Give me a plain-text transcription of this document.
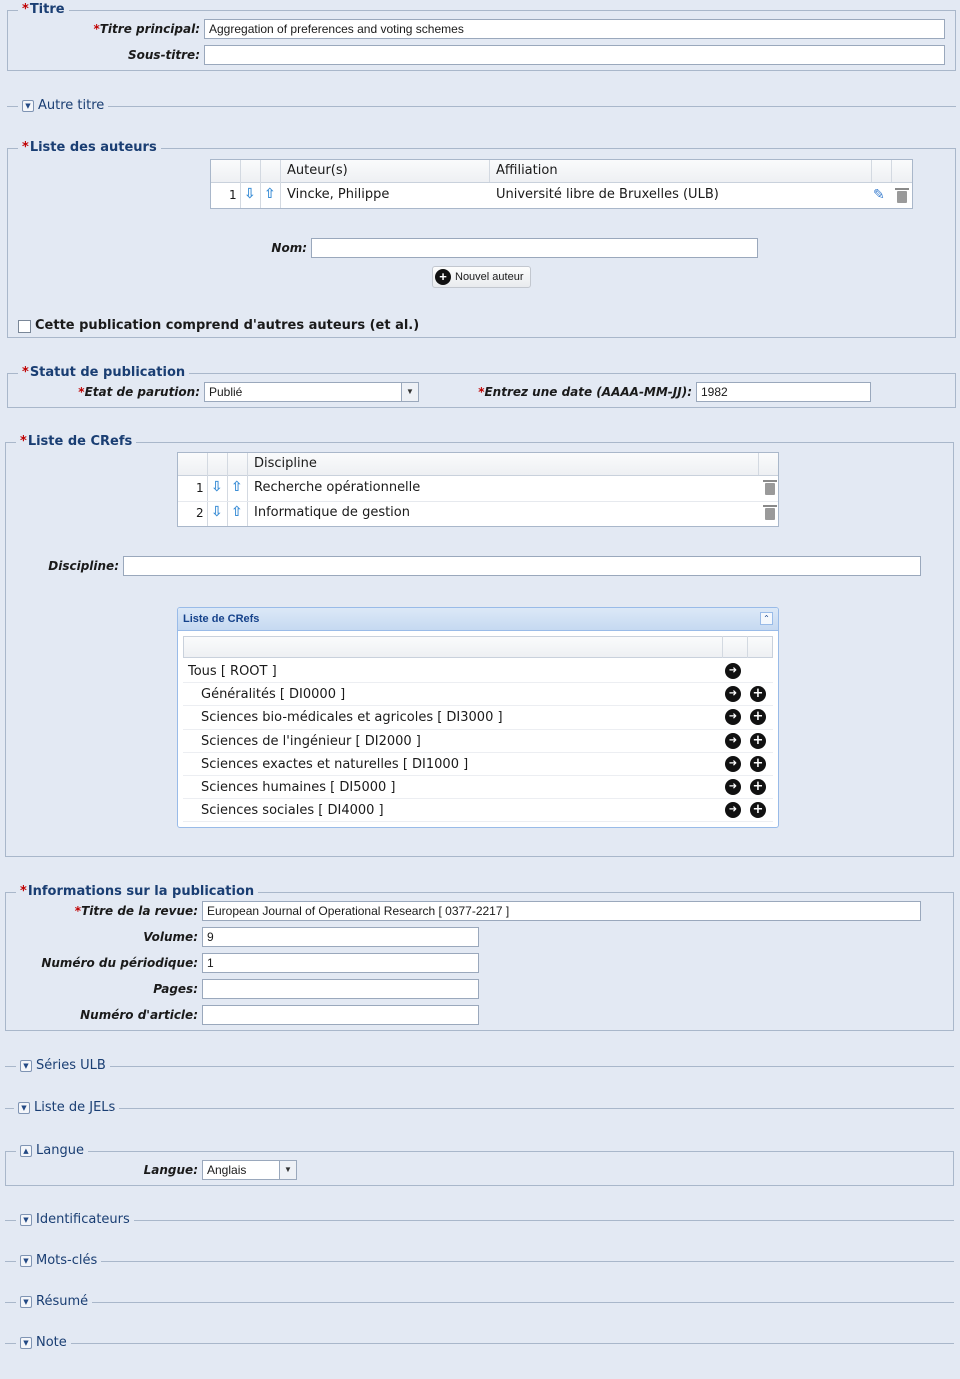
*Titre
*Titre principal: Aggregation of preferences and voting schemes
Sous-titre:
▼ Autre titre
*Liste des auteurs
Auteur(s)	Affiliation
1 ⇩ ⇧ Vincke, Philippe	Université libre de Bruxelles (ULB)	✎
Nom:
+ Nouvel auteur
Cette publication comprend d'autres auteurs (et al.)
*Statut de publication
*Etat de parution: Publié	▼	*Entrez une date (AAAA-MM-JJ): 1982
*Liste de CRefs
Discipline
1 ⇩ ⇧ Recherche opérationnelle
2 ⇩ ⇧ Informatique de gestion
Discipline:
Liste de CRefs	⌃
Tous [ ROOT ]	➜
Généralités [ DI0000 ]	➜ +
Sciences bio-médicales et agricoles [ DI3000 ]	➜ +
Sciences de l'ingénieur [ DI2000 ]	➜ +
Sciences exactes et naturelles [ DI1000 ]	➜ +
Sciences humaines [ DI5000 ]	➜ +
Sciences sociales [ DI4000 ]	➜ +
*Informations sur la publication
*Titre de la revue: European Journal of Operational Research [ 0377-2217 ]
Volume: 9
Numéro du périodique: 1
Pages:
Numéro d'article:
▼ Séries ULB
▼ Liste de JELs
▲ Langue
Langue: Anglais	▼
▼ Identificateurs
▼ Mots-clés
▼ Résumé
▼ Note
